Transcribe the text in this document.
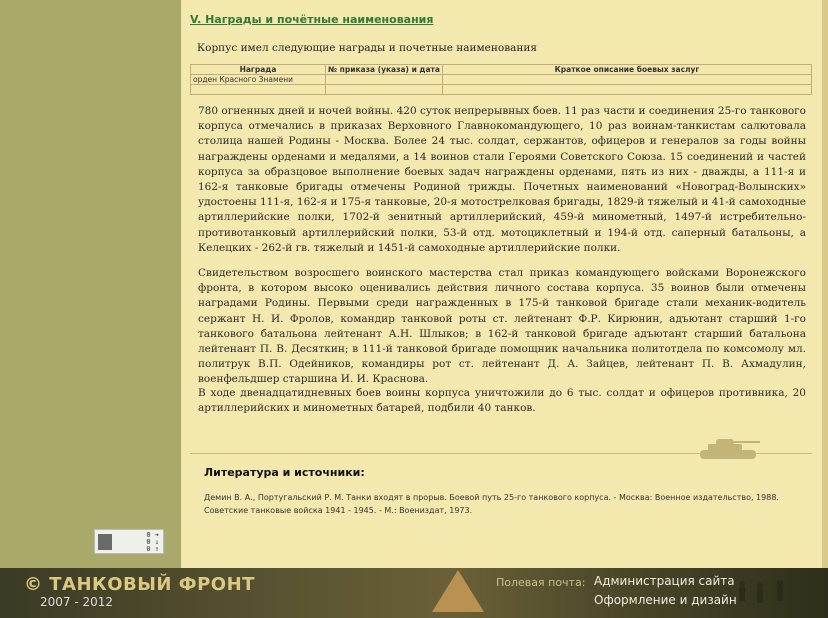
0 ➔
0 ⇓
0 ⇑
V. Награды и почётные наименования
Корпус имел следующие награды и почетные наименования
Награда	№ приказа (указа) и дата	Краткое описание боевых заслуг
орден Красного Знамени		

780 огненных дней и ночей войны. 420 суток непрерывных боев. 11 раз части и соединения 25-го танкового корпуса отмечались в приказах Верховного Главнокомандующего, 10 раз воинам-танкистам салютовала столица нашей Родины - Москва. Более 24 тыс. солдат, сержантов, офицеров и генералов за годы войны награждены орденами и медалями, а 14 воинов стали Героями Советского Союза. 15 соединений и частей корпуса за образцовое выполнение боевых задач награждены орденами, пять из них - дважды, а 111-я и 162-я танковые бригады отмечены Родиной трижды. Почетных наименований «Новоград-Волынских» удостоены 111-я, 162-я и 175-я танковые, 20-я мотострелковая бригады, 1829-й тяжелый и 41-й самоходные артиллерийские полки, 1702-й зенитный артиллерийский, 459-й минометный, 1497-й истребительно-противотанковый артиллерийский полки, 53-й отд. мотоциклетный и 194-й отд. саперный батальоны, а Келецких - 262-й гв. тяжелый и 1451-й самоходные артиллерийские полки.

Свидетельством возросшего воинского мастерства стал приказ командующего войсками Воронежского фронта, в котором высоко оценивались действия личного состава корпуса. 35 воинов были отмечены наградами Родины. Первыми среди награжденных в 175-й танковой бригаде стали механик-водитель сержант Н. И. Фролов, командир танковой роты ст. лейтенант Ф.Р. Кирюнин, адъютант старший 1-го танкового батальона лейтенант А.Н. Шлыков; в 162-й танковой бригаде адъютант старший батальона лейтенант П. В. Десяткин; в 111-й танковой бригаде помощник начальника политотдела по комсомолу мл. политрук В.П. Одейников, командиры рот ст. лейтенант Д. А. Зайцев, лейтенант П. В. Ахмадулин, военфельдшер старшина И. И. Краснова.

В ходе двенадцатидневных боев воины корпуса уничтожили до 6 тыс. солдат и офицеров противника, 20 артиллерийских и минометных батарей, подбили 40 танков.

Литература и источники:
Демин В. А., Португальский Р. М. Танки входят в прорыв. Боевой путь 25-го танкового корпуса. - Москва: Военное издательство, 1988.
Советские танковые войска 1941 - 1945. - М.: Воениздат, 1973.
© ТАНКОВЫЙ ФРОНТ
2007 - 2012
Полевая почта: Администрация сайта
Оформление и дизайн
